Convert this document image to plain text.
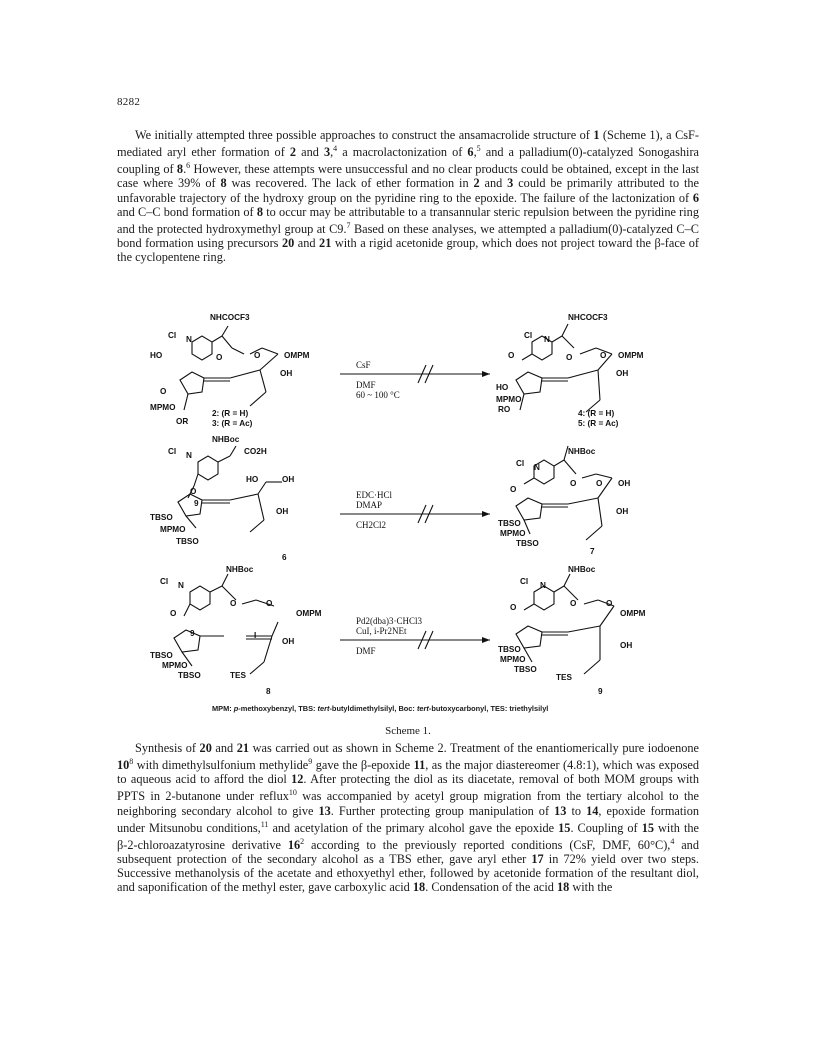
8282

We initially attempted three possible approaches to construct the ansamacrolide structure of 1 (Scheme 1), a CsF-mediated aryl ether formation of 2 and 3,$^4$ a macrolactonization of 6,$^5$ and a palladium(0)-catalyzed Sonogashira coupling of 8.$^6$ However, these attempts were unsuccessful and no clear products could be obtained, except in the last case where 39% of 8 was recovered. The lack of ether formation in 2 and 3 could be primarily attributed to the unfavorable trajectory of the hydroxy group on the pyridine ring to the epoxide. The failure of the lactonization of 6 and C–C bond formation of 8 to occur may be attributable to a transannular steric repulsion between the pyridine ring and the protected hydroxymethyl group at C9.$^7$ Based on these analyses, we attempted a palladium(0)-catalyzed C–C bond formation using precursors 20 and 21 with a rigid acetonide group, which does not project toward the β-face of the cyclopentene ring.

NHCOCF3
Cl N
HO	O	O	OMPM
OH
O
MPMO
OR
2: (R = H)
3: (R = Ac)
NHCOCF3
Cl N
O	O	O OMPM
OH
HO
MPMO
RO	4: (R = H)
5: (R = Ac)
CsF
DMF
60 ~ 100 °C
NHBoc
Cl N	CO2H
O
HO	OH
OH
9
TBSO
MPMO
TBSO
6
NHBoc
Cl N
O
O O OH
OH
TBSO
MPMO
TBSO
7
EDC·HCl
DMAP
CH2Cl2
NHBoc
Cl N
O
O	O
OMPM
I
OH
9
TBSO
MPMO
TBSO	TES
8
NHBoc
Cl N
O	O	O
OMPM
OH
TBSO
MPMO
TBSO
TES
9
Pd2(dba)3·CHCl3
CuI, i-Pr2NEt
DMF
MPM: p-methoxybenzyl, TBS: tert-butyldimethylsilyl, Boc: tert-butoxycarbonyl, TES: triethylsilyl
Scheme 1.

Synthesis of 20 and 21 was carried out as shown in Scheme 2. Treatment of the enantiomerically pure iodoenone $10^8$ with dimethylsulfonium methylide$^9$ gave the β-epoxide 11, as the major diastereomer (4.8:1), which was exposed to aqueous acid to afford the diol 12. After protecting the diol as its diacetate, removal of both MOM groups with PPTS in 2-butanone under reflux$^{10}$ was accompanied by acetyl group migration from the tertiary alcohol to the neighboring secondary alcohol to give 13. Further protecting group manipulation of 13 to 14, epoxide formation under Mitsunobu conditions,$^{11}$ and acetylation of the primary alcohol gave the epoxide 15. Coupling of 15 with the β-2-chloroazatyrosine derivative $16^2$ according to the previously reported conditions (CsF, DMF, 60°C),$^4$ and subsequent protection of the secondary alcohol as a TBS ether, gave aryl ether 17 in 72% yield over two steps. Successive methanolysis of the acetate and ethoxyethyl ether, followed by acetonide formation of the resultant diol, and saponification of the methyl ester, gave carboxylic acid 18. Condensation of the acid 18 with the
